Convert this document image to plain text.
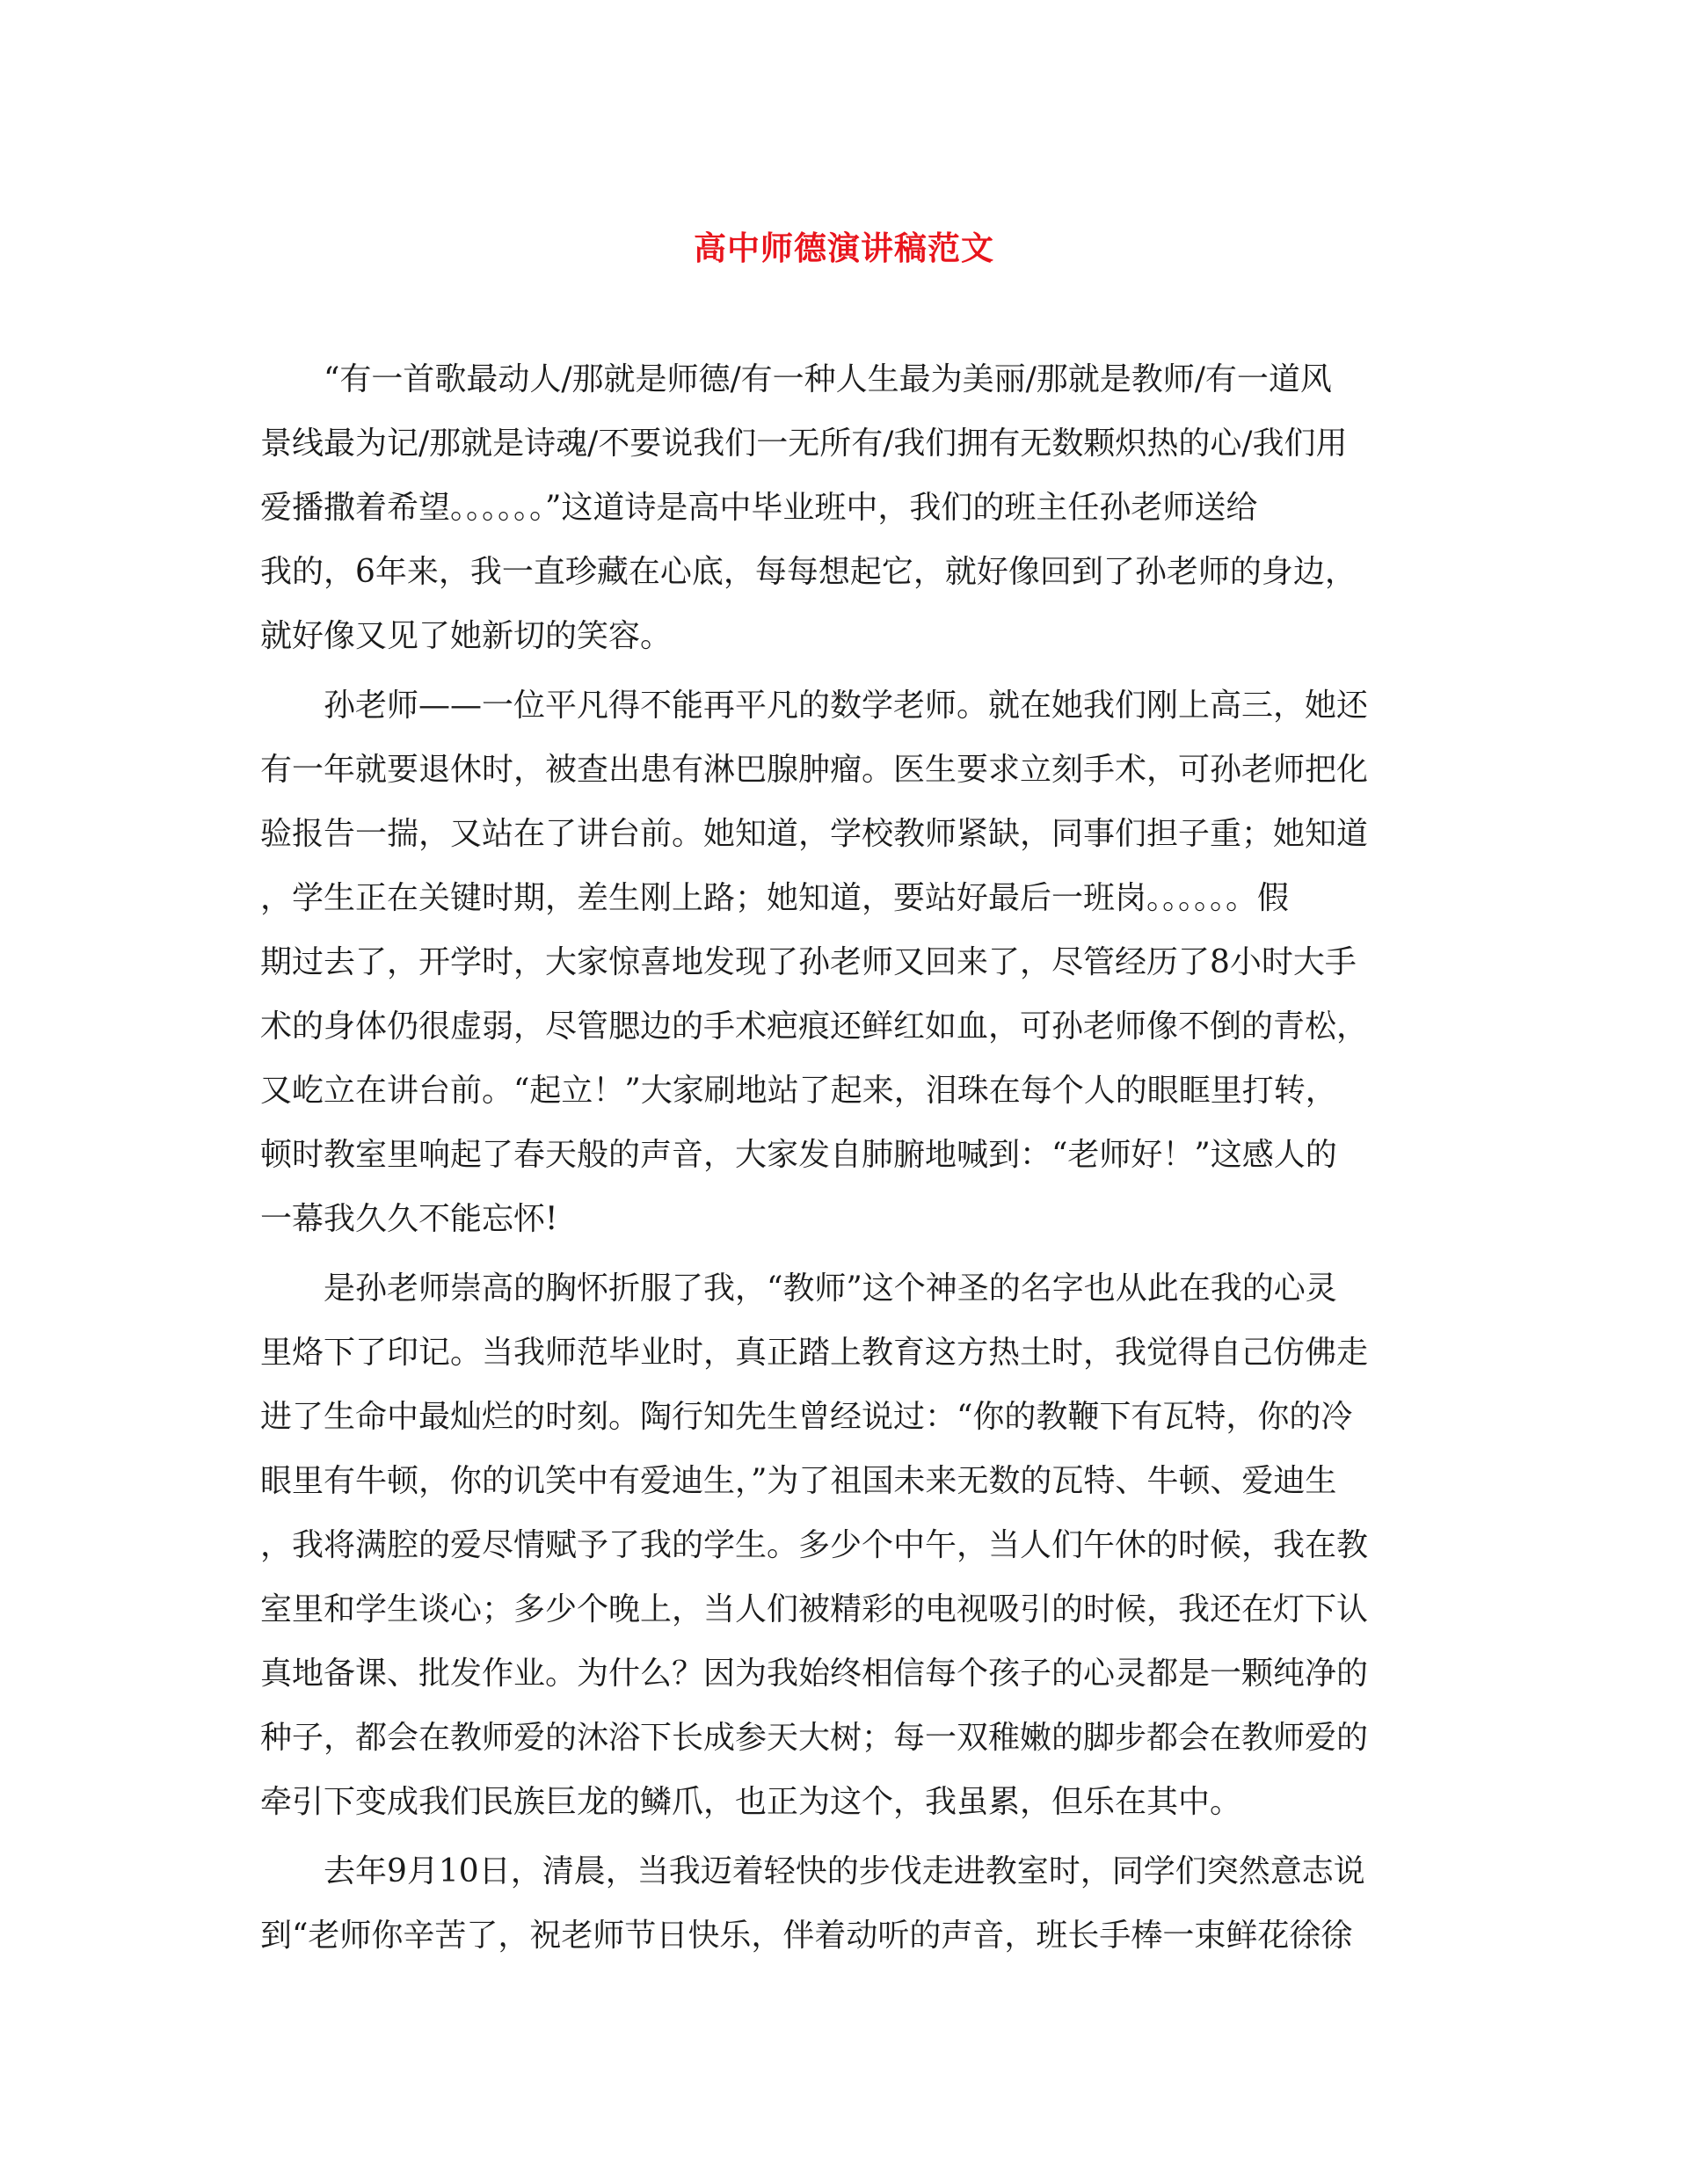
高中师德演讲稿范文
“有一首歌最动人/那就是师德/有一种人生最为美丽/那就是教师/有一道风
景线最为记/那就是诗魂/不要说我们一无所有/我们拥有无数颗炽热的心/我们用
爱播撒着希望。。。。。。”这道诗是高中毕业班中，我们的班主任孙老师送给
我的，6年来，我一直珍藏在心底，每每想起它，就好像回到了孙老师的身边，
就好像又见了她新切的笑容。
孙老师——一位平凡得不能再平凡的数学老师。就在她我们刚上高三，她还
有一年就要退休时，被查出患有淋巴腺肿瘤。医生要求立刻手术，可孙老师把化
验报告一揣，又站在了讲台前。她知道，学校教师紧缺，同事们担子重；她知道
，学生正在关键时期，差生刚上路；她知道，要站好最后一班岗。。。。。。假
期过去了，开学时，大家惊喜地发现了孙老师又回来了，尽管经历了8小时大手
术的身体仍很虚弱，尽管腮边的手术疤痕还鲜红如血，可孙老师像不倒的青松，
又屹立在讲台前。“起立！”大家刷地站了起来，泪珠在每个人的眼眶里打转，
顿时教室里响起了春天般的声音，大家发自肺腑地喊到：“老师好！”这感人的
一幕我久久不能忘怀!
是孙老师崇高的胸怀折服了我，“教师”这个神圣的名字也从此在我的心灵
里烙下了印记。当我师范毕业时，真正踏上教育这方热土时，我觉得自己仿佛走
进了生命中最灿烂的时刻。陶行知先生曾经说过：“你的教鞭下有瓦特，你的冷
眼里有牛顿，你的讥笑中有爱迪生，”为了祖国未来无数的瓦特、牛顿、爱迪生
，我将满腔的爱尽情赋予了我的学生。多少个中午，当人们午休的时候，我在教
室里和学生谈心；多少个晚上，当人们被精彩的电视吸引的时候，我还在灯下认
真地备课、批发作业。为什么？因为我始终相信每个孩子的心灵都是一颗纯净的
种子，都会在教师爱的沐浴下长成参天大树；每一双稚嫩的脚步都会在教师爱的
牵引下变成我们民族巨龙的鳞爪，也正为这个，我虽累，但乐在其中。
去年9月10日，清晨，当我迈着轻快的步伐走进教室时，同学们突然意志说
到“老师你辛苦了，祝老师节日快乐，伴着动听的声音，班长手棒一束鲜花徐徐
